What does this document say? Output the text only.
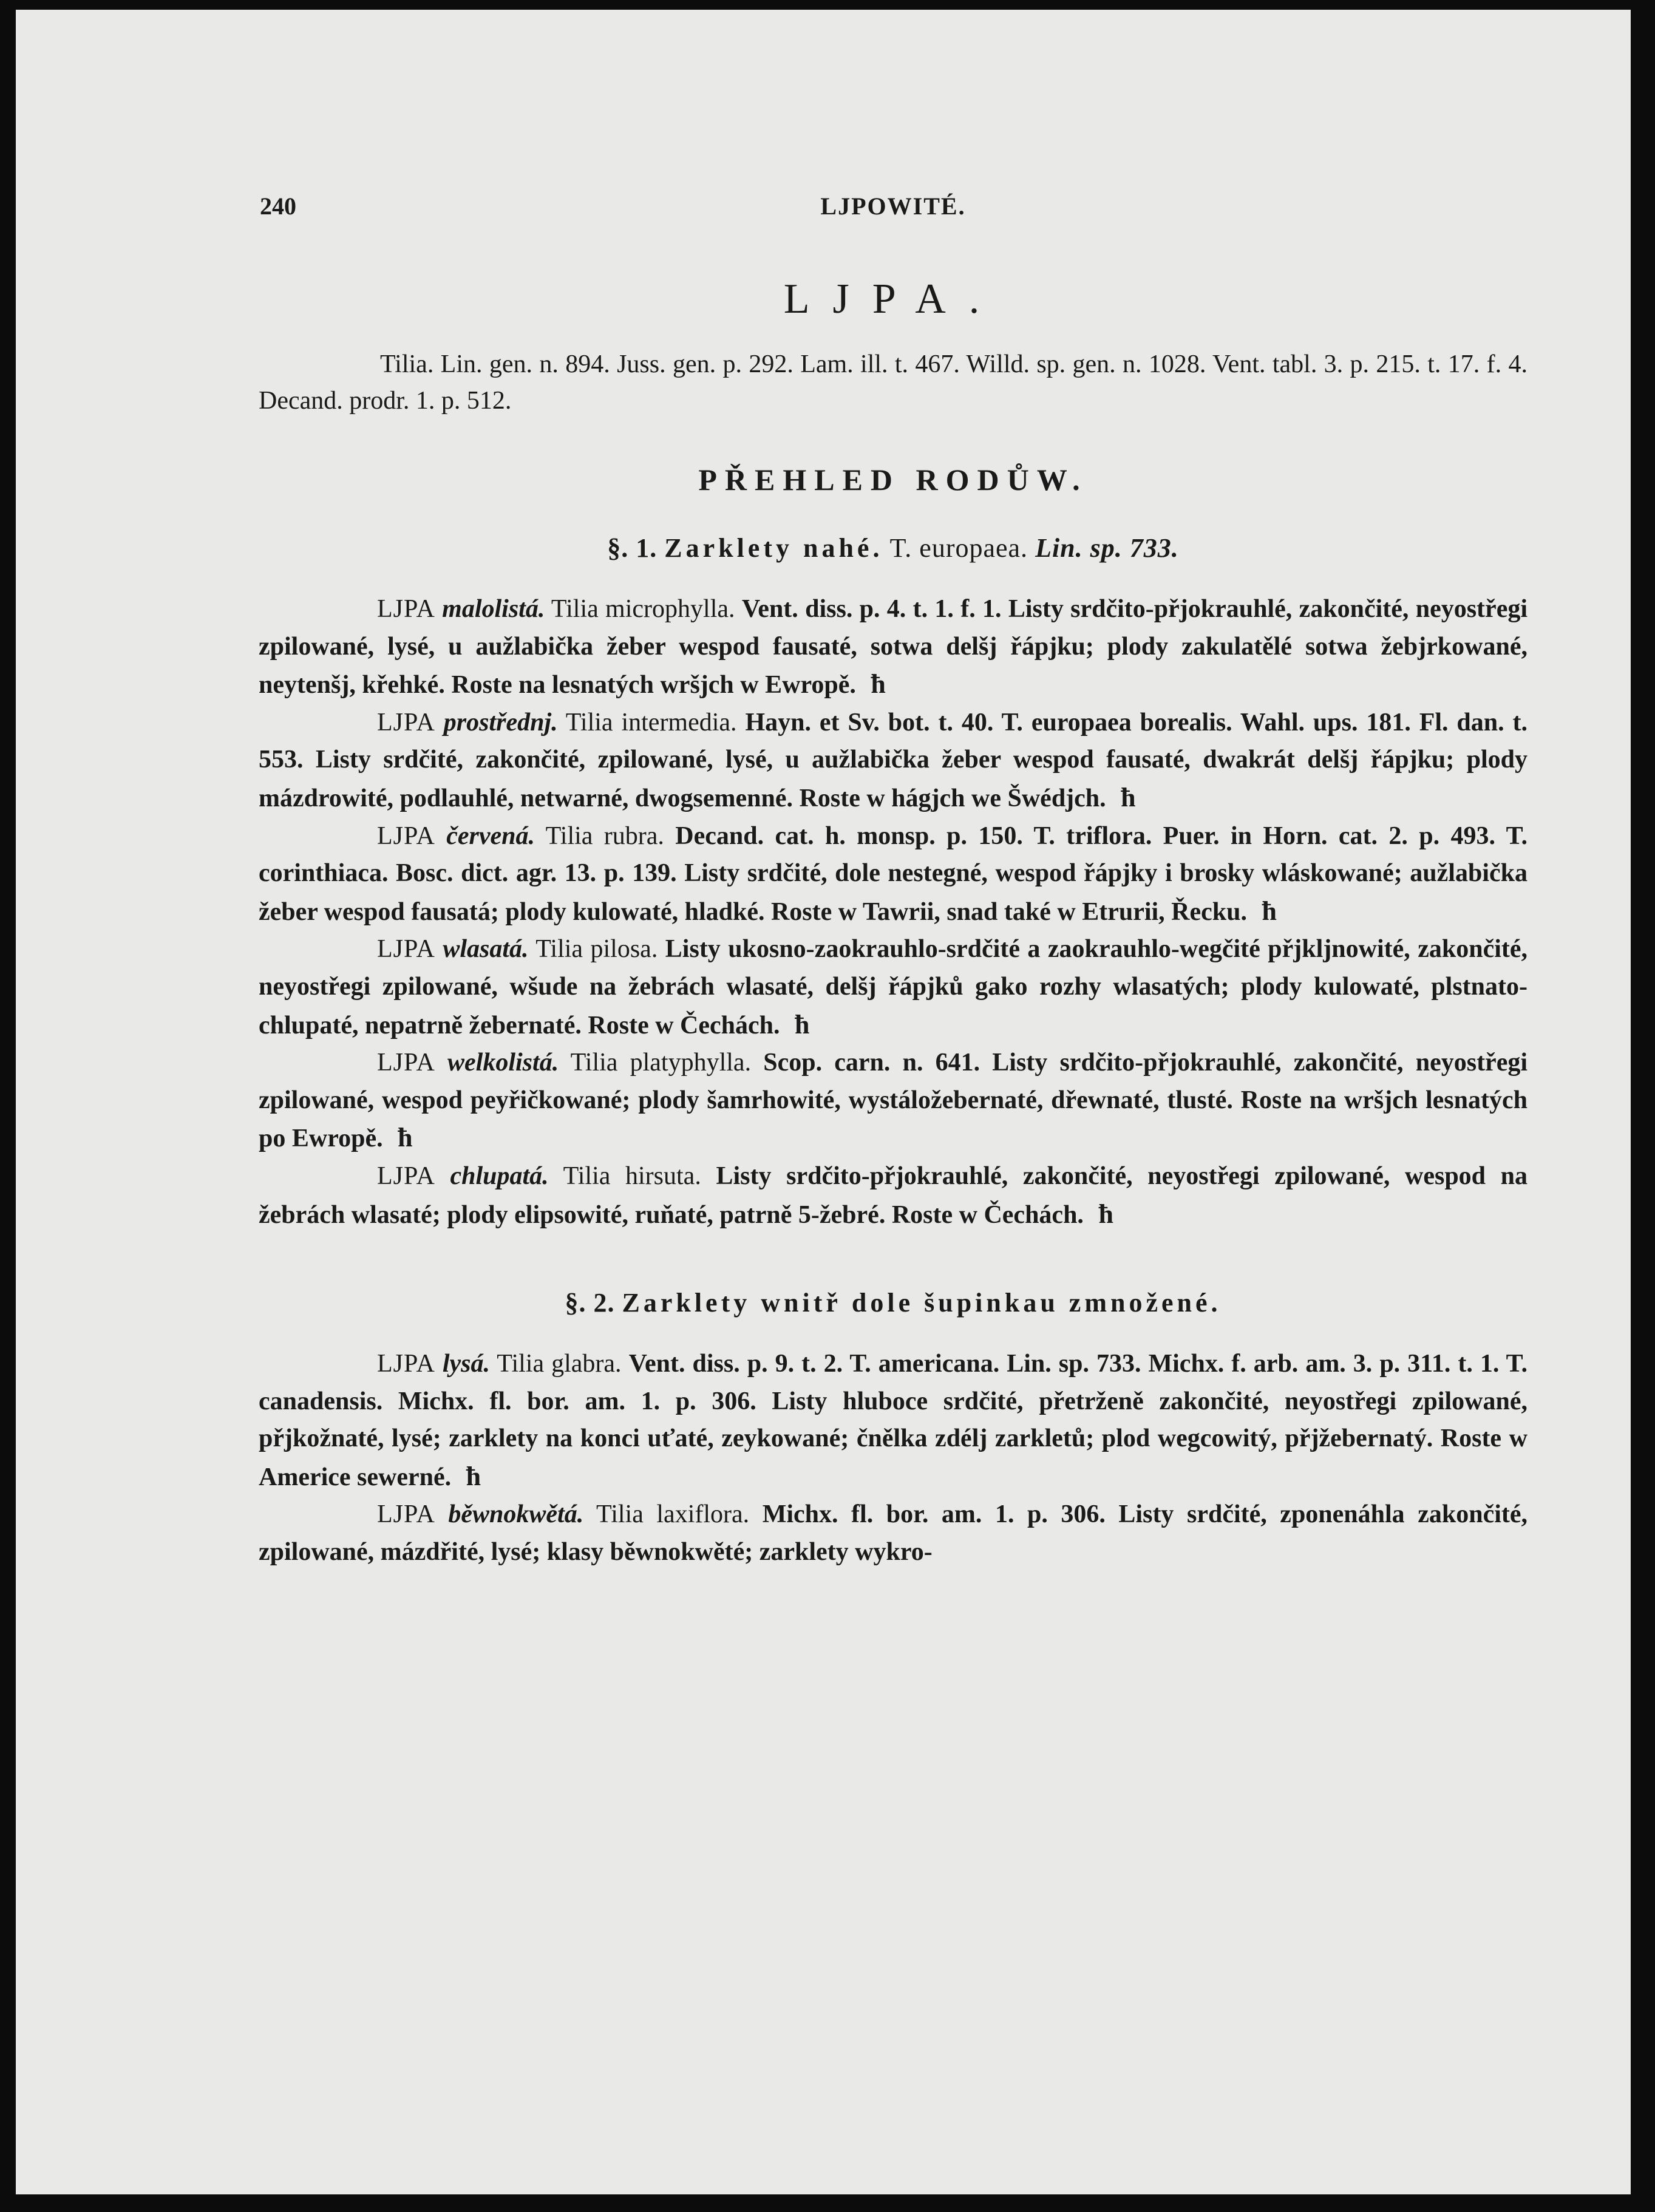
240	LJPOWITÉ.
LJPA.

Tilia. Lin. gen. n. 894. Juss. gen. p. 292. Lam. ill. t. 467. Willd. sp. gen. n. 1028. Vent. tabl. 3. p. 215. t. 17. f. 4. Decand. prodr. 1. p. 512.

PŘEHLED RODŮW.
§. 1. Zarklety nahé. T. europaea. Lin. sp. 733.

LJPA malolistá. Tilia microphylla. Vent. diss. p. 4. t. 1. f. 1. Listy srdčito-přjokrauhlé, zakončité, neyostřegi zpilowané, lysé, u aužlabička žeber wespod fausaté, sotwa delšj řápjku; plody zakulatělé sotwa žebjrkowané, neytenšj, křehké. Roste na lesnatých wršjch w Ewropě. ħ

LJPA prostřednj. Tilia intermedia. Hayn. et Sv. bot. t. 40. T. europaea borealis. Wahl. ups. 181. Fl. dan. t. 553. Listy srdčité, zakončité, zpilowané, lysé, u aužlabička žeber wespod fausaté, dwakrát delšj řápjku; plody mázdrowité, podlauhlé, netwarné, dwogsemenné. Roste w hágjch we Šwédjch. ħ

LJPA červená. Tilia rubra. Decand. cat. h. monsp. p. 150. T. triflora. Puer. in Horn. cat. 2. p. 493. T. corinthiaca. Bosc. dict. agr. 13. p. 139. Listy srdčité, dole nestegné, wespod řápjky i brosky wláskowané; aužlabička žeber wespod fausatá; plody kulowaté, hladké. Roste w Tawrii, snad také w Etrurii, Řecku. ħ

LJPA wlasatá. Tilia pilosa. Listy ukosno-zaokrauhlo-srdčité a zaokrauhlo-wegčité přjkljnowité, zakončité, neyostřegi zpilowané, wšude na žebrách wlasaté, delšj řápjků gako rozhy wlasatých; plody kulowaté, plstnato-chlupaté, nepatrně žebernaté. Roste w Čechách. ħ

LJPA welkolistá. Tilia platyphylla. Scop. carn. n. 641. Listy srdčito-přjokrauhlé, zakončité, neyostřegi zpilowané, wespod peyřičkowané; plody šamrhowité, wystáložebernaté, dřewnaté, tlusté. Roste na wršjch lesnatých po Ewropě. ħ

LJPA chlupatá. Tilia hirsuta. Listy srdčito-přjokrauhlé, zakončité, neyostřegi zpilowané, wespod na žebrách wlasaté; plody elipsowité, ruňaté, patrně 5-žebré. Roste w Čechách. ħ

§. 2. Zarklety wnitř dole šupinkau zmnožené.

LJPA lysá. Tilia glabra. Vent. diss. p. 9. t. 2. T. americana. Lin. sp. 733. Michx. f. arb. am. 3. p. 311. t. 1. T. canadensis. Michx. fl. bor. am. 1. p. 306. Listy hluboce srdčité, přetrženě zakončité, neyostřegi zpilowané, přjkožnaté, lysé; zarklety na konci uťaté, zeykowané; čnělka zdélj zarkletů; plod wegcowitý, přjžebernatý. Roste w Americe sewerné. ħ

LJPA běwnokwětá. Tilia laxiflora. Michx. fl. bor. am. 1. p. 306. Listy srdčité, zponenáhla zakončité, zpilowané, mázdřité, lysé; klasy běwnokwěté; zarklety wykro-
